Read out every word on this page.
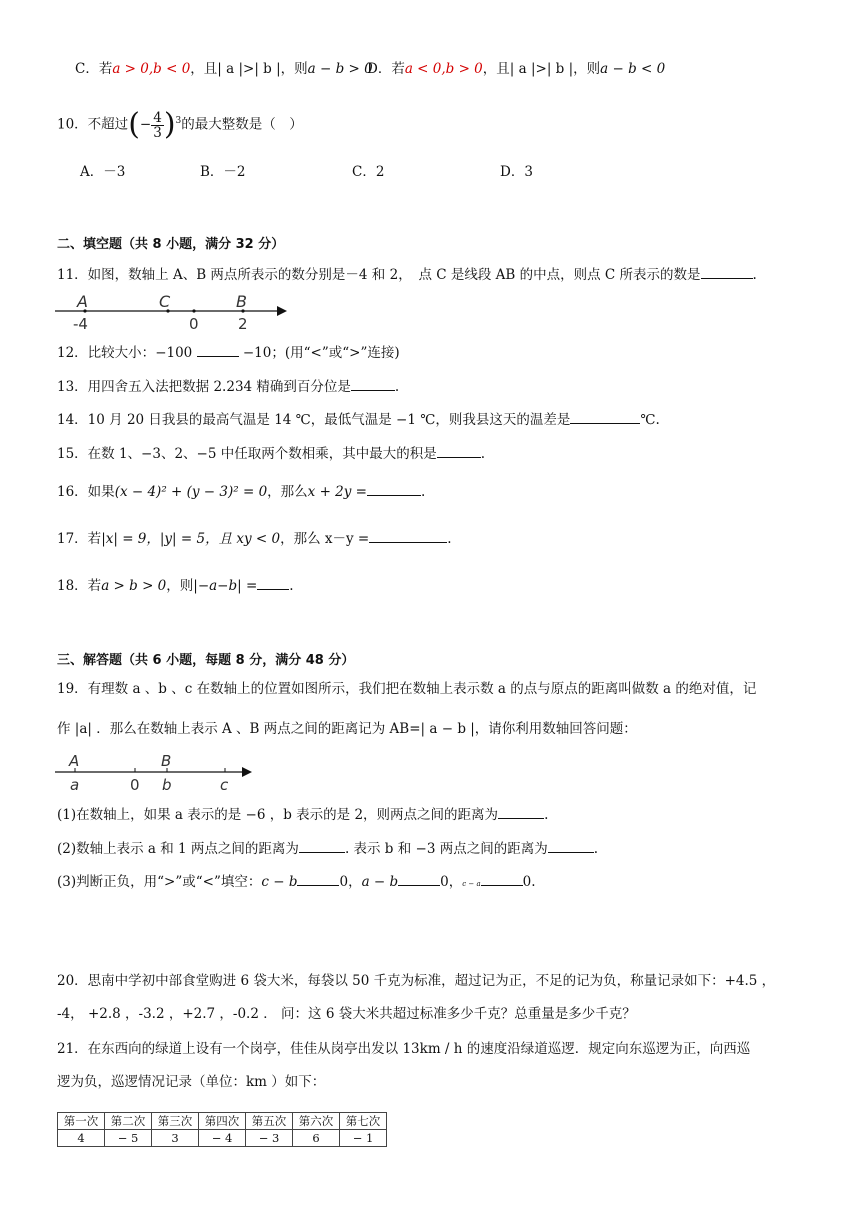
C．若a > 0,b < 0，且| a |>| b |，则a − b > 0
D．若a < 0,b > 0，且| a |>| b |，则a − b < 0
10．不超过(− $\frac{4}{3} )^3$的最大整数是（　）
A．－3	B．－2	C．2	D．3
二、填空题（共 8 小题，满分 32 分）
11．如图，数轴上 A、B 两点所表示的数分别是－4 和 2，　点 C 是线段 AB 的中点，则点 C 所表示的数是	.
A	C	B
-4	0	2
12．比较大小：−100	−10；(用“<”或“>”连接)
13．用四舍五入法把数据 2.234 精确到百分位是	.
14．10 月 20 日我县的最高气温是 14 ℃，最低气温是 −1 ℃，则我县这天的温差是	℃.
15．在数 1、−3、2、−5 中任取两个数相乘，其中最大的积是	.
16．如果(x − 4)² + (y − 3)² = 0，那么x + 2y =	.
17．若|x| = 9，|y| = 5，且 xy < 0，那么 x－y =	.
18．若a > b > 0，则|−a−b| = .
三、解答题（共 6 小题，每题 8 分，满分 48 分）
19．有理数 a 、b 、c 在数轴上的位置如图所示，我们把在数轴上表示数 a 的点与原点的距离叫做数 a 的绝对值，记
作 |a| ．那么在数轴上表示 A 、B 两点之间的距离记为 AB=| a − b |，请你利用数轴回答问题：
A	B
a	0 b	c
(1)在数轴上，如果 a 表示的是 −6 ，b 表示的是 2，则两点之间的距离为	.
(2)数轴上表示 a 和 1 两点之间的距离为	. 表示 b 和 −3 两点之间的距离为	.
(3)判断正负，用“>”或“<”填空：c − b	0，a − b	0，c − a	0.
20．思南中学初中部食堂购进 6 袋大米，每袋以 50 千克为标准，超过记为正，不足的记为负，称量记录如下：+4.5 ，
-4， +2.8 ，-3.2 ，+2.7 ，-0.2 ． 问：这 6 袋大米共超过标准多少千克？总重量是多少千克？
21．在东西向的绿道上设有一个岗亭，佳佳从岗亭出发以 13km / h 的速度沿绿道巡逻．规定向东巡逻为正，向西巡
逻为负，巡逻情况记录（单位：km ）如下：
第一次	第二次	第三次	第四次	第五次	第六次	第七次
4	− 5	3	− 4	− 3	6	− 1
